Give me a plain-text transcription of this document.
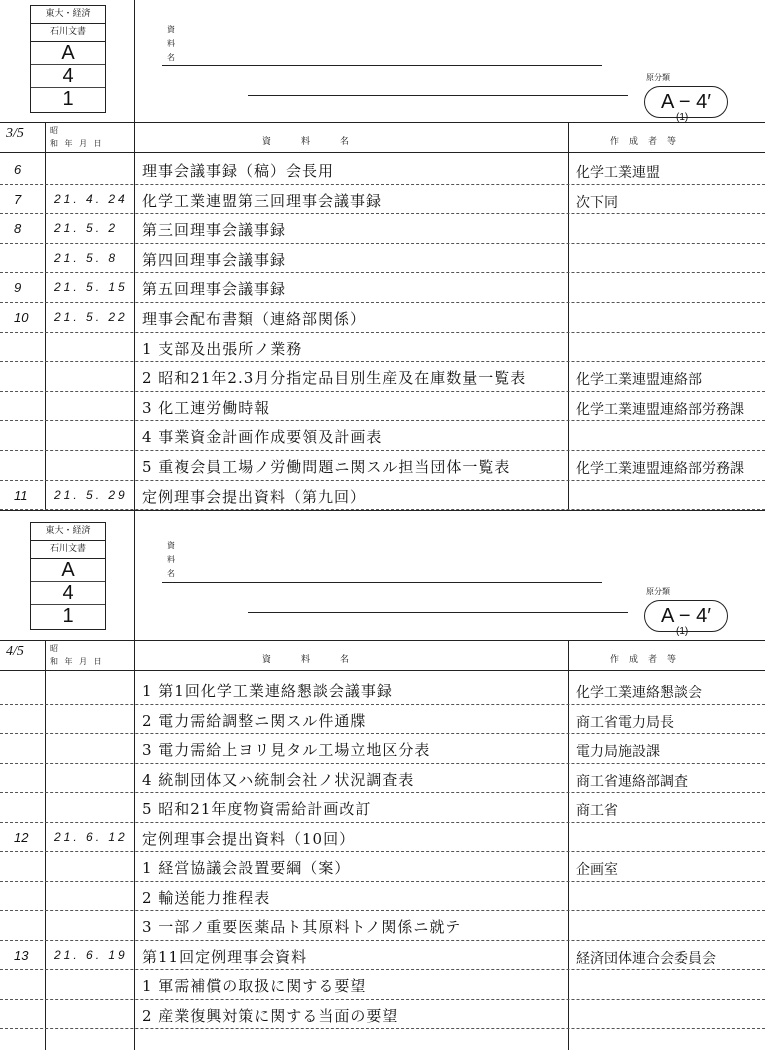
東大・経済
石川文書
A
4
1
資
料
名
原分類
A − 4′
(1)
3/5	昭
和 年 月 日	資料名	作成者等
6	理事会議事録（稿）会長用	化学工業連盟
7	21. 4. 24 化学工業連盟第三回理事会議事録	次下同
8	21. 5. 2 第三回理事会議事録
21. 5. 8 第四回理事会議事録
9	21. 5. 15 第五回理事会議事録
10 21. 5. 22 理事会配布書類（連絡部関係）
1 支部及出張所ノ業務
2 昭和21年2.3月分指定品目別生産及在庫数量一覧表	化学工業連盟連絡部
3 化工連労働時報	化学工業連盟連絡部労務課
4 事業資金計画作成要領及計画表
5 重複会員工場ノ労働問題ニ関スル担当団体一覧表	化学工業連盟連絡部労務課
11 21. 5. 29 定例理事会提出資料（第九回）
東大・経済
石川文書
A
4
1
資
料
名
原分類
A − 4′
(1)
4/5	昭
和 年 月 日	資料名	作成者等
1 第1回化学工業連絡懇談会議事録	化学工業連絡懇談会
2 電力需給調整ニ関スル件通牒	商工省電力局長
3 電力需給上ヨリ見タル工場立地区分表	電力局施設課
4 統制団体又ハ統制会社ノ状況調査表	商工省連絡部調査
5 昭和21年度物資需給計画改訂	商工省
12 21. 6. 12 定例理事会提出資料（10回）
1 経営協議会設置要綱（案）	企画室
2 輸送能力推程表
3 一部ノ重要医薬品ト其原料トノ関係ニ就テ
13 21. 6. 19 第11回定例理事会資料	経済団体連合会委員会
1 軍需補償の取扱に関する要望
2 産業復興対策に関する当面の要望
